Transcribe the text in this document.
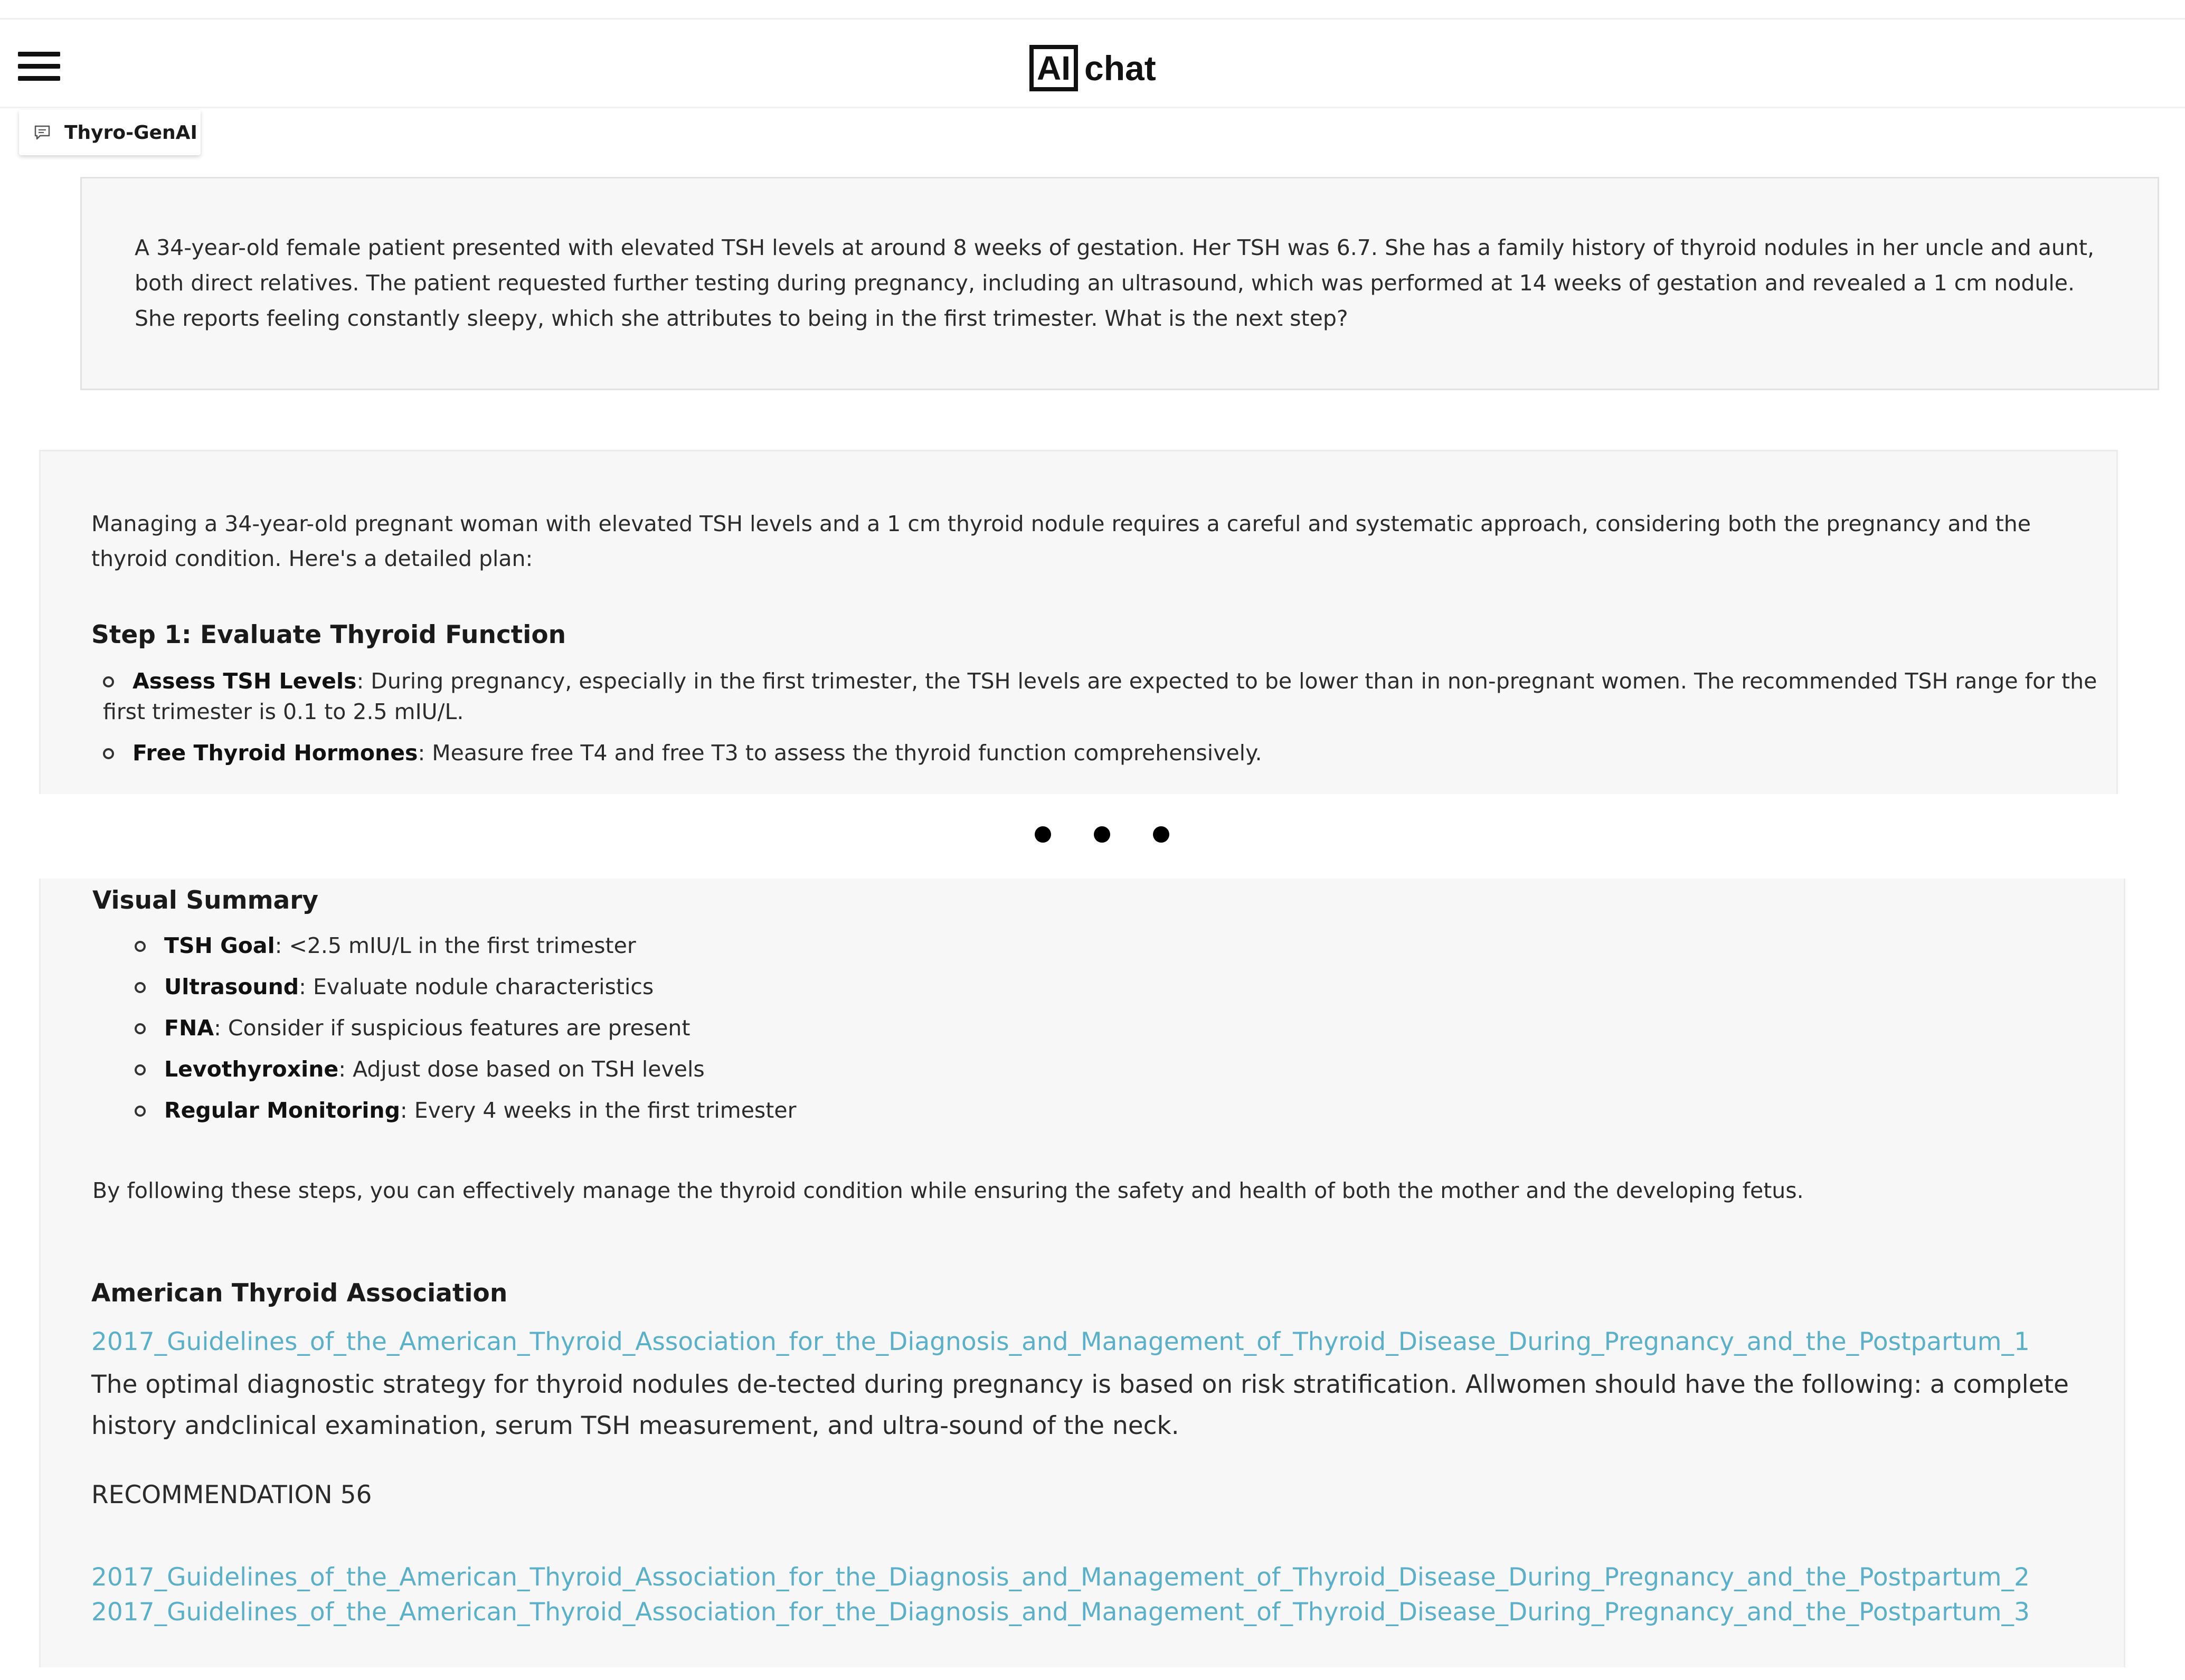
AI chat
Thyro-GenAI
A 34-year-old female patient presented with elevated TSH levels at around 8 weeks of gestation. Her TSH was 6.7. She has a family history of thyroid nodules in her uncle and aunt, both direct relatives. The patient requested further testing during pregnancy, including an ultrasound, which was performed at 14 weeks of gestation and revealed a 1 cm nodule. She reports feeling constantly sleepy, which she attributes to being in the first trimester. What is the next step?
Managing a 34-year-old pregnant woman with elevated TSH levels and a 1 cm thyroid nodule requires a careful and systematic approach, considering both the pregnancy and the thyroid condition. Here's a detailed plan:
Step 1: Evaluate Thyroid Function
Assess TSH Levels: During pregnancy, especially in the first trimester, the TSH levels are expected to be lower than in non-pregnant women. The recommended TSH range for the first trimester is 0.1 to 2.5 mIU/L.
Free Thyroid Hormones: Measure free T4 and free T3 to assess the thyroid function comprehensively.
Visual Summary
TSH Goal: <2.5 mIU/L in the first trimester
Ultrasound: Evaluate nodule characteristics
FNA: Consider if suspicious features are present
Levothyroxine: Adjust dose based on TSH levels
Regular Monitoring: Every 4 weeks in the first trimester
By following these steps, you can effectively manage the thyroid condition while ensuring the safety and health of both the mother and the developing fetus.
American Thyroid Association
2017_Guidelines_of_the_American_Thyroid_Association_for_the_Diagnosis_and_Management_of_Thyroid_Disease_During_Pregnancy_and_the_Postpartum_1
The optimal diagnostic strategy for thyroid nodules de-tected during pregnancy is based on risk stratification. Allwomen should have the following: a complete history andclinical examination, serum TSH measurement, and ultra-sound of the neck.
RECOMMENDATION 56
2017_Guidelines_of_the_American_Thyroid_Association_for_the_Diagnosis_and_Management_of_Thyroid_Disease_During_Pregnancy_and_the_Postpartum_2
2017_Guidelines_of_the_American_Thyroid_Association_for_the_Diagnosis_and_Management_of_Thyroid_Disease_During_Pregnancy_and_the_Postpartum_3
